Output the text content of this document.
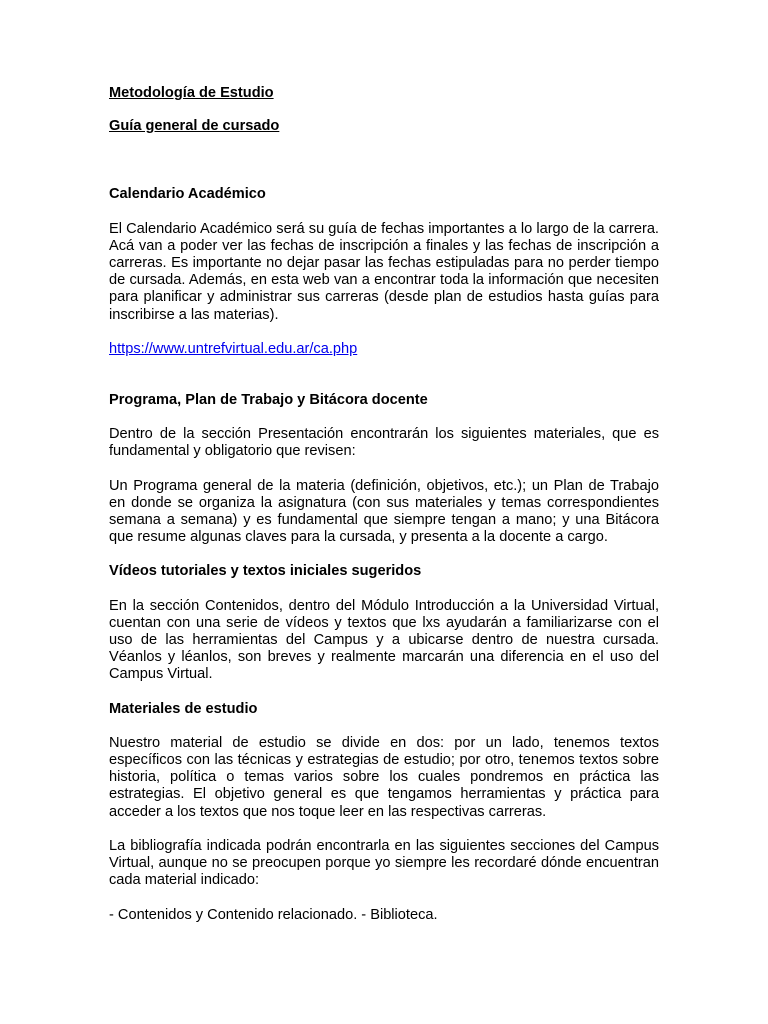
Metodología de Estudio

Guía general de cursado

Calendario Académico

El Calendario Académico será su guía de fechas importantes a lo largo de la carrera. Acá van a poder ver las fechas de inscripción a finales y las fechas de inscripción a carreras. Es importante no dejar pasar las fechas estipuladas para no perder tiempo de cursada. Además, en esta web van a encontrar toda la información que necesiten para planificar y administrar sus carreras (desde plan de estudios hasta guías para inscribirse a las materias).

https://www.untrefvirtual.edu.ar/ca.php

Programa, Plan de Trabajo y Bitácora docente

Dentro de la sección Presentación encontrarán los siguientes materiales, que es fundamental y obligatorio que revisen:

Un Programa general de la materia (definición, objetivos, etc.); un Plan de Trabajo en donde se organiza la asignatura (con sus materiales y temas correspondientes semana a semana) y es fundamental que siempre tengan a mano; y una Bitácora que resume algunas claves para la cursada, y presenta a la docente a cargo.

Vídeos tutoriales y textos iniciales sugeridos

En la sección Contenidos, dentro del Módulo Introducción a la Universidad Virtual, cuentan con una serie de vídeos y textos que lxs ayudarán a familiarizarse con el uso de las herramientas del Campus y a ubicarse dentro de nuestra cursada. Véanlos y léanlos, son breves y realmente marcarán una diferencia en el uso del Campus Virtual.

Materiales de estudio

Nuestro material de estudio se divide en dos: por un lado, tenemos textos específicos con las técnicas y estrategias de estudio; por otro, tenemos textos sobre historia, política o temas varios sobre los cuales pondremos en práctica las estrategias. El objetivo general es que tengamos herramientas y práctica para acceder a los textos que nos toque leer en las respectivas carreras.

La bibliografía indicada podrán encontrarla en las siguientes secciones del Campus Virtual, aunque no se preocupen porque yo siempre les recordaré dónde encuentran cada material indicado:

- Contenidos y Contenido relacionado. - Biblioteca.
